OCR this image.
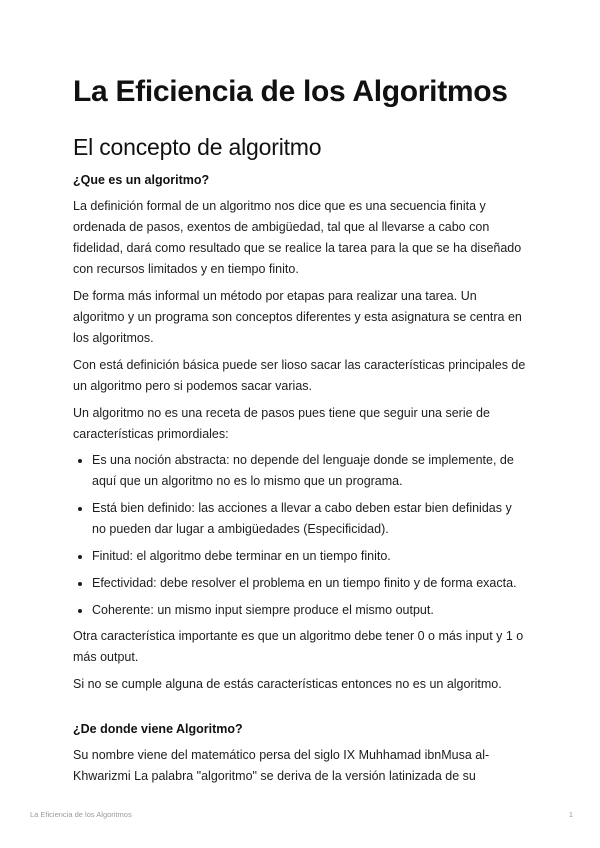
La Eficiencia de los Algoritmos
El concepto de algoritmo
¿Que es un algoritmo?

La definición formal de un algoritmo nos dice que es una secuencia finita y ordenada de pasos, exentos de ambigüedad, tal que al llevarse a cabo con fidelidad, dará como resultado que se realice la tarea para la que se ha diseñado con recursos limitados y en tiempo finito.

De forma más informal un método por etapas para realizar una tarea. Un algoritmo y un programa son conceptos diferentes y esta asignatura se centra en los algoritmos.

Con está definición básica puede ser lioso sacar las características principales de un algoritmo pero si podemos sacar varias.

Un algoritmo no es una receta de pasos pues tiene que seguir una serie de características primordiales:

• Es una noción abstracta: no depende del lenguaje donde se implemente, de aquí que un algoritmo no es lo mismo que un programa.
• Está bien definido: las acciones a llevar a cabo deben estar bien definidas y no pueden dar lugar a ambigüedades (Especificidad).
• Finitud: el algoritmo debe terminar en un tiempo finito.
• Efectividad: debe resolver el problema en un tiempo finito y de forma exacta.
• Coherente: un mismo input siempre produce el mismo output.

Otra característica importante es que un algoritmo debe tener 0 o más input y 1 o más output.

Si no se cumple alguna de estás características entonces no es un algoritmo.

¿De donde viene Algoritmo?

Su nombre viene del matemático persa del siglo IX Muhhamad ibnMusa al-Khwarizmi La palabra "algoritmo" se deriva de la versión latinizada de su

La Eficiencia de los Algoritmos	1
